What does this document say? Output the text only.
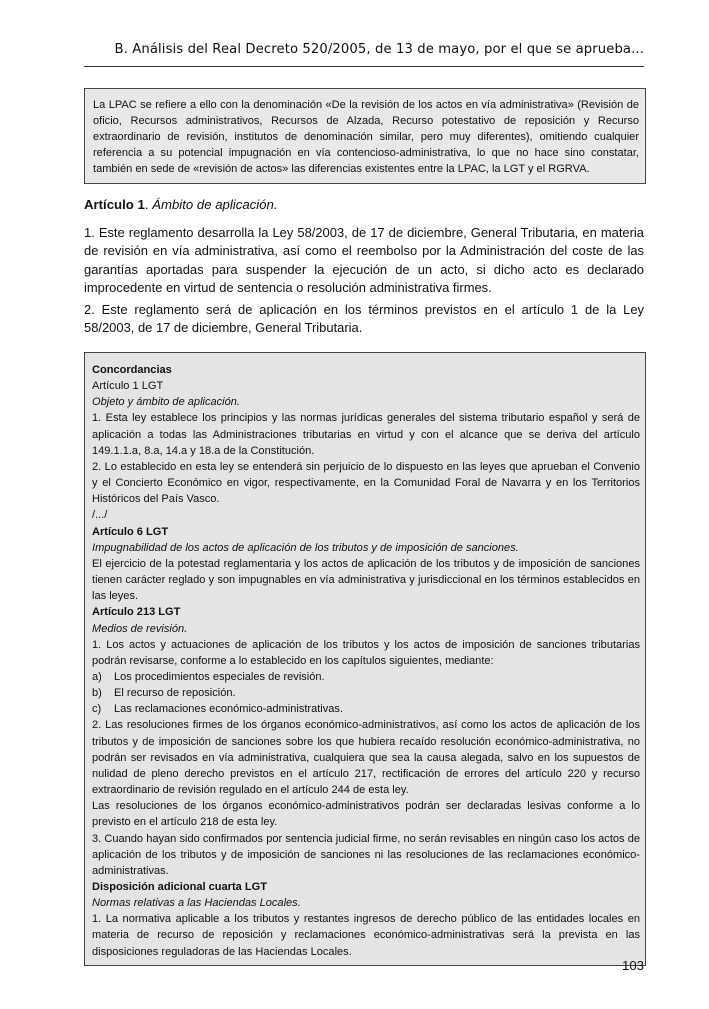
B. Análisis del Real Decreto 520/2005, de 13 de mayo, por el que se aprueba...
La LPAC se refiere a ello con la denominación «De la revisión de los actos en vía administrativa» (Revisión de oficio, Recursos administrativos, Recursos de Alzada, Recurso potestativo de reposición y Recurso extraordinario de revisión, institutos de denominación similar, pero muy diferentes), omitiendo cualquier referencia a su potencial impugnación en vía contencioso-administrativa, lo que no hace sino constatar, también en sede de «revisión de actos» las diferencias existentes entre la LPAC, la LGT y el RGRVA.
Artículo 1. Ámbito de aplicación.
1. Este reglamento desarrolla la Ley 58/2003, de 17 de diciembre, General Tributaria, en materia de revisión en vía administrativa, así como el reembolso por la Administración del coste de las garantías aportadas para suspender la ejecución de un acto, si dicho acto es declarado improcedente en virtud de sentencia o resolución administrativa firmes.
2. Este reglamento será de aplicación en los términos previstos en el artículo 1 de la Ley 58/2003, de 17 de diciembre, General Tributaria.
Concordancias
Artículo 1 LGT
Objeto y ámbito de aplicación.
1. Esta ley establece los principios y las normas jurídicas generales del sistema tributario español y será de aplicación a todas las Administraciones tributarias en virtud y con el alcance que se deriva del artículo 149.1.1.a, 8.a, 14.a y 18.a de la Constitución.
2. Lo establecido en esta ley se entenderá sin perjuicio de lo dispuesto en las leyes que aprueban el Convenio y el Concierto Económico en vigor, respectivamente, en la Comunidad Foral de Navarra y en los Territorios Históricos del País Vasco.
/.../
Artículo 6 LGT
Impugnabilidad de los actos de aplicación de los tributos y de imposición de sanciones.
El ejercicio de la potestad reglamentaria y los actos de aplicación de los tributos y de imposición de sanciones tienen carácter reglado y son impugnables en vía administrativa y jurisdiccional en los términos establecidos en las leyes.
Artículo 213 LGT
Medios de revisión.
1. Los actos y actuaciones de aplicación de los tributos y los actos de imposición de sanciones tributarias podrán revisarse, conforme a lo establecido en los capítulos siguientes, mediante:
a) Los procedimientos especiales de revisión.
b) El recurso de reposición.
c) Las reclamaciones económico-administrativas.
2. Las resoluciones firmes de los órganos económico-administrativos, así como los actos de aplicación de los tributos y de imposición de sanciones sobre los que hubiera recaído resolución económico-administrativa, no podrán ser revisados en vía administrativa, cualquiera que sea la causa alegada, salvo en los supuestos de nulidad de pleno derecho previstos en el artículo 217, rectificación de errores del artículo 220 y recurso extraordinario de revisión regulado en el artículo 244 de esta ley.
Las resoluciones de los órganos económico-administrativos podrán ser declaradas lesivas conforme a lo previsto en el artículo 218 de esta ley.
3. Cuando hayan sido confirmados por sentencia judicial firme, no serán revisables en ningún caso los actos de aplicación de los tributos y de imposición de sanciones ni las resoluciones de las reclamaciones económico-administrativas.
Disposición adicional cuarta LGT
Normas relativas a las Haciendas Locales.
1. La normativa aplicable a los tributos y restantes ingresos de derecho público de las entidades locales en materia de recurso de reposición y reclamaciones económico-administrativas será la prevista en las disposiciones reguladoras de las Haciendas Locales.
103
